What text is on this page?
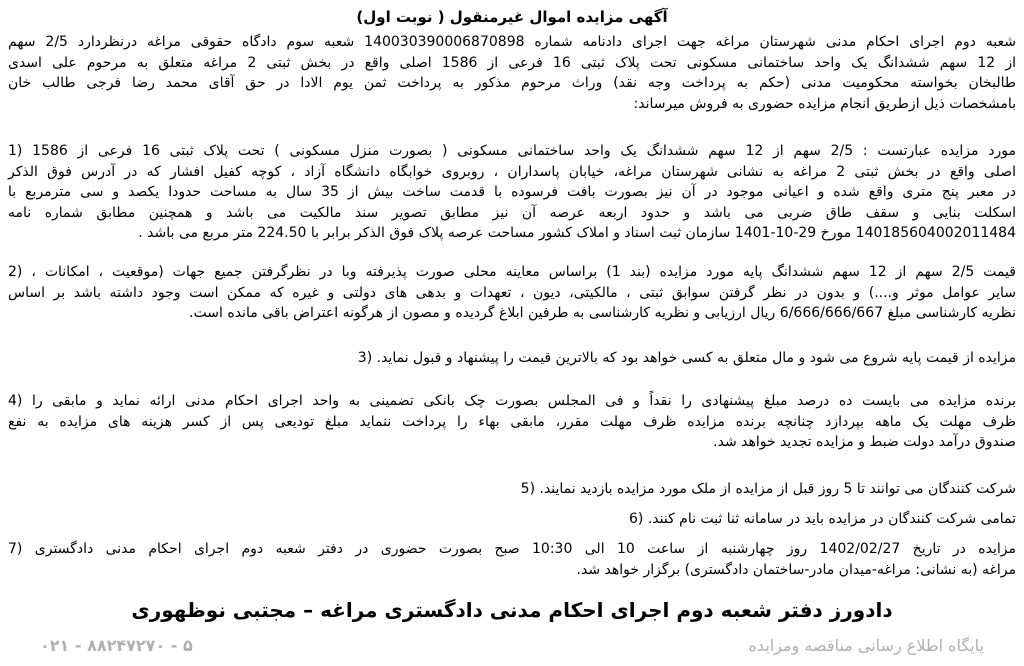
آگهی مزایده اموال غیرمنقول ( نوبت اول)
شعبه دوم اجرای احکام مدنی شهرستان مراغه جهت اجرای دادنامه شماره 140030390006870898 شعبه سوم دادگاه حقوقی مراغه درنظردارد 2/5 سهم
از 12 سهم ششدانگ یک واحد ساختمانی مسکونی تحت پلاک ثبتی 16 فرعی از 1586 اصلی واقع در بخش ثبتی 2 مراغه متعلق به مرحوم علی اسدی
طالبخان بخواسته محکومیت مدنی (حکم به پرداخت وجه نقد) وراث مرحوم مذکور به پرداخت ثمن یوم الادا در حق آقای محمد رضا فرجی طالب خان
بامشخصات ذیل ازطریق انجام مزایده حضوری به فروش میرساند:
مورد مزایده عبارتست : 2/5 سهم از 12 سهم ششدانگ یک واحد ساختمانی مسکونی ( بصورت منزل مسکونی ) تحت پلاک ثبتی 16 فرعی از 1586 (1
اصلی واقع در بخش ثبتی 2 مراغه به نشانی شهرستان مراغه، خیابان پاسداران ، روبروی خوابگاه دانشگاه آزاد ، کوچه کفیل افشار که در آدرس فوق الذکر
در معبر پنج متری واقع شده و اعیانی موجود در آن نیز بصورت بافت فرسوده با قدمت ساخت بیش از 35 سال به مساحت حدودا یکصد و سی مترمربع با
اسکلت بنایی و سقف طاق ضربی می باشد و حدود اربعه عرصه آن نیز مطابق تصویر سند مالکیت می باشد و همچنین مطابق شماره نامه
140185604002011484 مورخ 29-10-1401 سازمان ثبت اسناد و املاک کشور مساحت عرصه پلاک فوق الذکر برابر با 224.50 متر مربع می باشد .
قیمت 2/5 سهم از 12 سهم ششدانگ پایه مورد مزایده (بند 1) براساس معاینه محلی صورت پذیرفته وبا در نظرگرفتن جمیع جهات (موقعیت ، امکانات ، (2
سایر عوامل موثر و....) و بدون در نظر گرفتن سوابق ثبتی ، مالکیتی، دیون ، تعهدات و بدهی های دولتی و غیره که ممکن است وجود داشته باشد بر اساس
نظریه کارشناسی مبلغ 6/666/666/667 ریال ارزیابی و نظریه کارشناسی به طرفین ابلاغ گردیده و مصون از هرگونه اعتراض باقی مانده است.
مزایده از قیمت پایه شروع می شود و مال متعلق به کسی خواهد بود که بالاترین قیمت را پیشنهاد و قبول نماید. (3
برنده مزایده می بایست ده درصد مبلغ پیشنهادی را نقداً و فی المجلس بصورت چک بانکی تضمینی به واحد اجرای احکام مدنی ارائه نماید و مابقی را (4
ظرف مهلت یک ماهه بپردازد چنانچه برنده مزایده ظرف مهلت مقرر، مابقی بهاء را پرداخت ننماید مبلغ تودیعی پس از کسر هزینه های مزایده به نفع
صندوق درآمد دولت ضبط و مزایده تجدید خواهد شد.
شرکت کنندگان می توانند تا 5 روز قبل از مزایده از ملک مورد مزایده بازدید نمایند. (5
تمامی شرکت کنندگان در مزایده باید در سامانه ثنا ثبت نام کنند. (6
مزایده در تاریخ 1402/02/27 روز چهارشنبه از ساعت 10 الی 10:30 صبح بصورت حضوری در دفتر شعبه دوم اجرای احکام مدنی دادگستری (7
مراغه (به نشانی: مراغه-میدان مادر-ساختمان دادگستری) برگزار خواهد شد.
دادورز دفتر شعبه دوم اجرای احکام مدنی دادگستری مراغه – مجتبی نوظهوری
پایگاه اطلاع رسانی مناقصه ومزایده
۰۲۱ - ۸۸۲۴۷۲۷۰ - ۵
